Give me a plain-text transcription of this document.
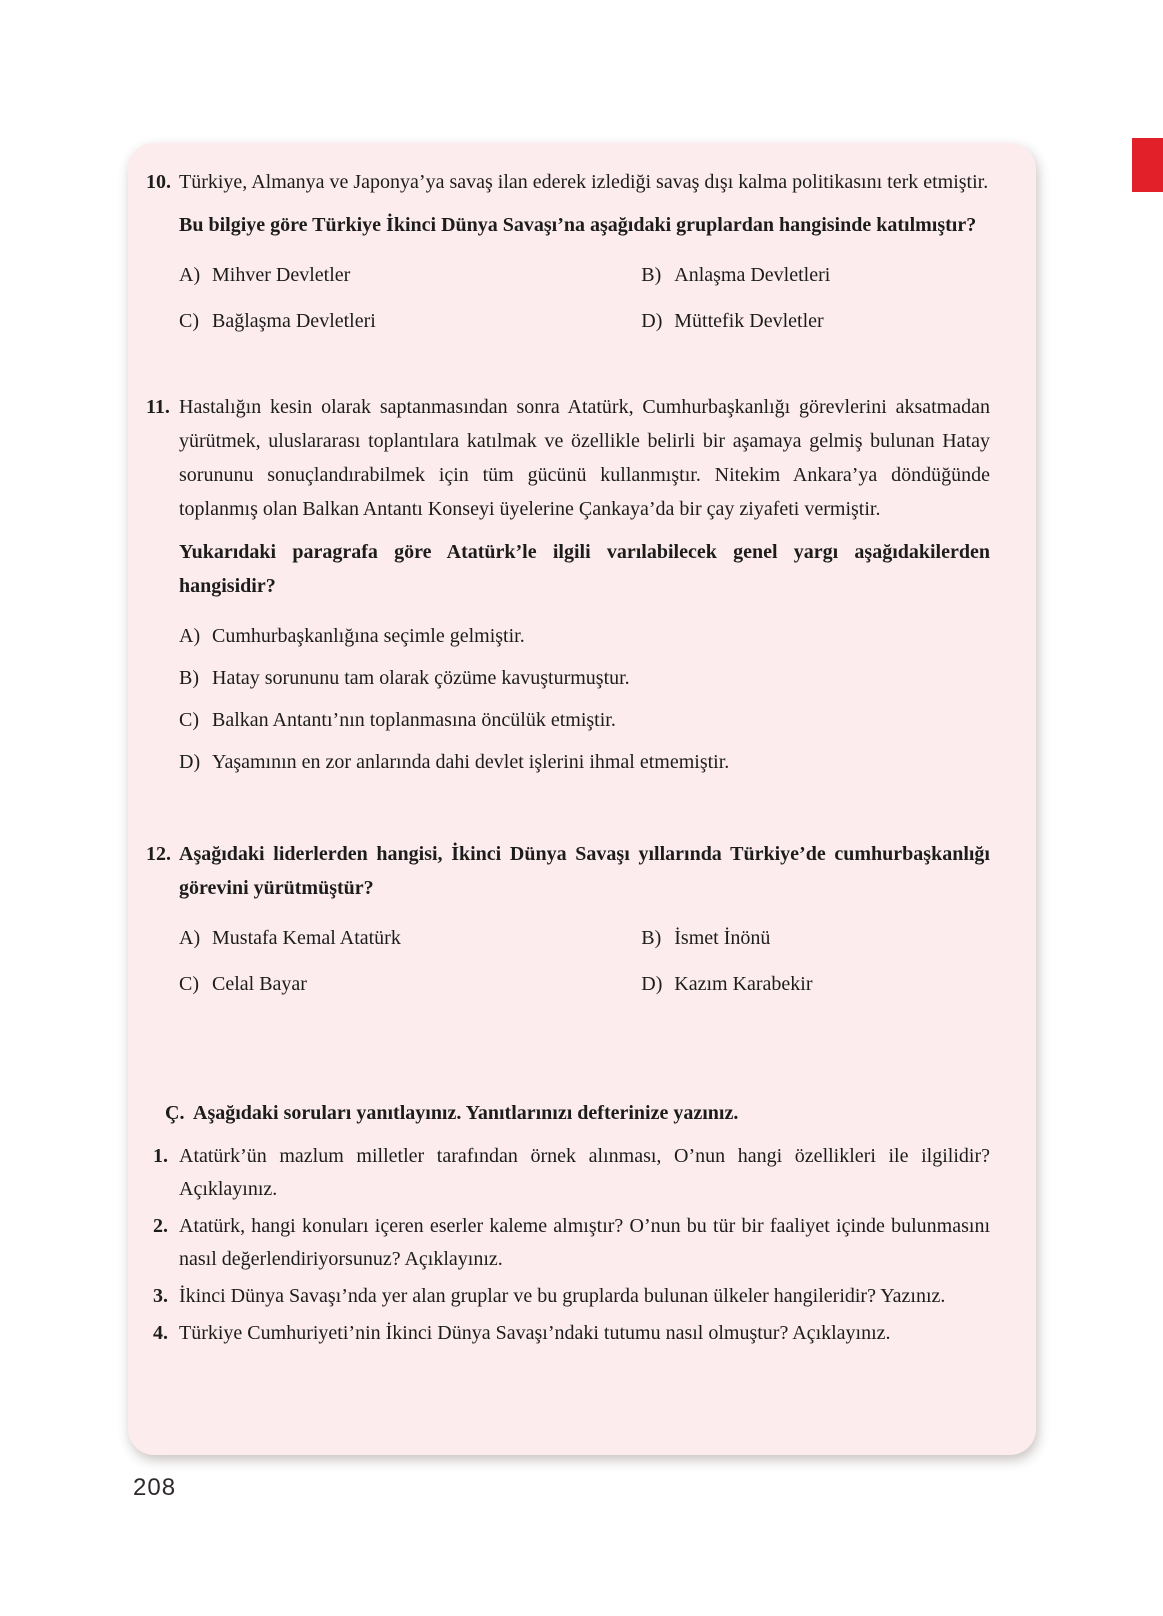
10. Türkiye, Almanya ve Japonya’ya savaş ilan ederek izlediği savaş dışı kalma politikasını terk etmiştir.

Bu bilgiye göre Türkiye İkinci Dünya Savaşı’na aşağıdaki gruplardan hangisinde katılmıştır?

A) Mihver Devletler	B) Anlaşma Devletleri
C) Bağlaşma Devletleri	D) Müttefik Devletler
11. Hastalığın kesin olarak saptanmasından sonra Atatürk, Cumhurbaşkanlığı görevlerini aksatmadan yürütmek, uluslararası toplantılara katılmak ve özellikle belirli bir aşamaya gelmiş bulunan Hatay sorununu sonuçlandırabilmek için tüm gücünü kullanmıştır. Nitekim Ankara’ya döndüğünde toplanmış olan Balkan Antantı Konseyi üyelerine Çankaya’da bir çay ziyafeti vermiştir.

Yukarıdaki paragrafa göre Atatürk’le ilgili varılabilecek genel yargı aşağıdakilerden hangisidir?

A) Cumhurbaşkanlığına seçimle gelmiştir.
B) Hatay sorununu tam olarak çözüme kavuşturmuştur.
C) Balkan Antantı’nın toplanmasına öncülük etmiştir.
D) Yaşamının en zor anlarında dahi devlet işlerini ihmal etmemiştir.
12. Aşağıdaki liderlerden hangisi, İkinci Dünya Savaşı yıllarında Türkiye’de cumhurbaşkanlığı görevini yürütmüştür?

A) Mustafa Kemal Atatürk	B) İsmet İnönü
C) Celal Bayar	D) Kazım Karabekir
Ç. Aşağıdaki soruları yanıtlayınız. Yanıtlarınızı defterinize yazınız.
1. Atatürk’ün mazlum milletler tarafından örnek alınması, O’nun hangi özellikleri ile ilgilidir? Açıklayınız.

2. Atatürk, hangi konuları içeren eserler kaleme almıştır? O’nun bu tür bir faaliyet içinde bulunmasını nasıl değerlendiriyorsunuz? Açıklayınız.

3. İkinci Dünya Savaşı’nda yer alan gruplar ve bu gruplarda bulunan ülkeler hangileridir? Yazınız.

4. Türkiye Cumhuriyeti’nin İkinci Dünya Savaşı’ndaki tutumu nasıl olmuştur? Açıklayınız.

208
